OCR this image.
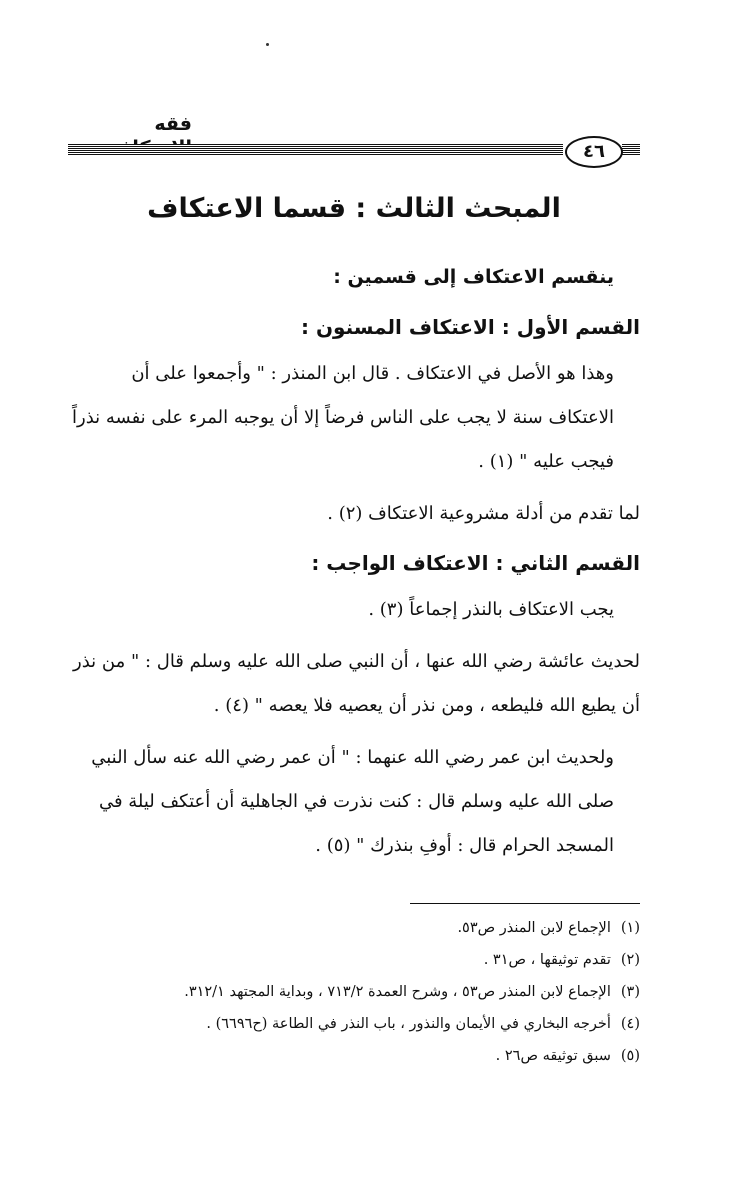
فقه
٤٦
المبحث الثالث : قسما الاعتكاف

ينقسم الاعتكاف إلى قسمين :

القسم الأول : الاعتكاف المسنون :

وهذا هو الأصل في الاعتكاف . قال ابن المنذر : " وأجمعوا على أن الاعتكاف سنة لا يجب على الناس فرضاً إلا أن يوجبه المرء على نفسه نذراً فيجب عليه " (١) .

لما تقدم من أدلة مشروعية الاعتكاف (٢) .

القسم الثاني : الاعتكاف الواجب :

يجب الاعتكاف بالنذر إجماعاً (٣) .

لحديث عائشة رضي الله عنها ، أن النبي صلى الله عليه وسلم قال : " من نذر أن يطيع الله فليطعه ، ومن نذر أن يعصيه فلا يعصه " (٤) .

ولحديث ابن عمر رضي الله عنهما : " أن عمر رضي الله عنه سأل النبي صلى الله عليه وسلم قال : كنت نذرت في الجاهلية أن أعتكف ليلة في المسجد الحرام قال : أوفِ بنذرك " (٥) .

(١)الإجماع لابن المنذر ص٥٣.

(٢)تقدم توثيقها ، ص٣١ .

(٣)الإجماع لابن المنذر ص٥٣ ، وشرح العمدة ٧١٣/٢ ، وبداية المجتهد ٣١٢/١.

(٤)أخرجه البخاري في الأيمان والنذور ، باب النذر في الطاعة (ح٦٦٩٦) .

(٥)سبق توثيقه ص٢٦ .
